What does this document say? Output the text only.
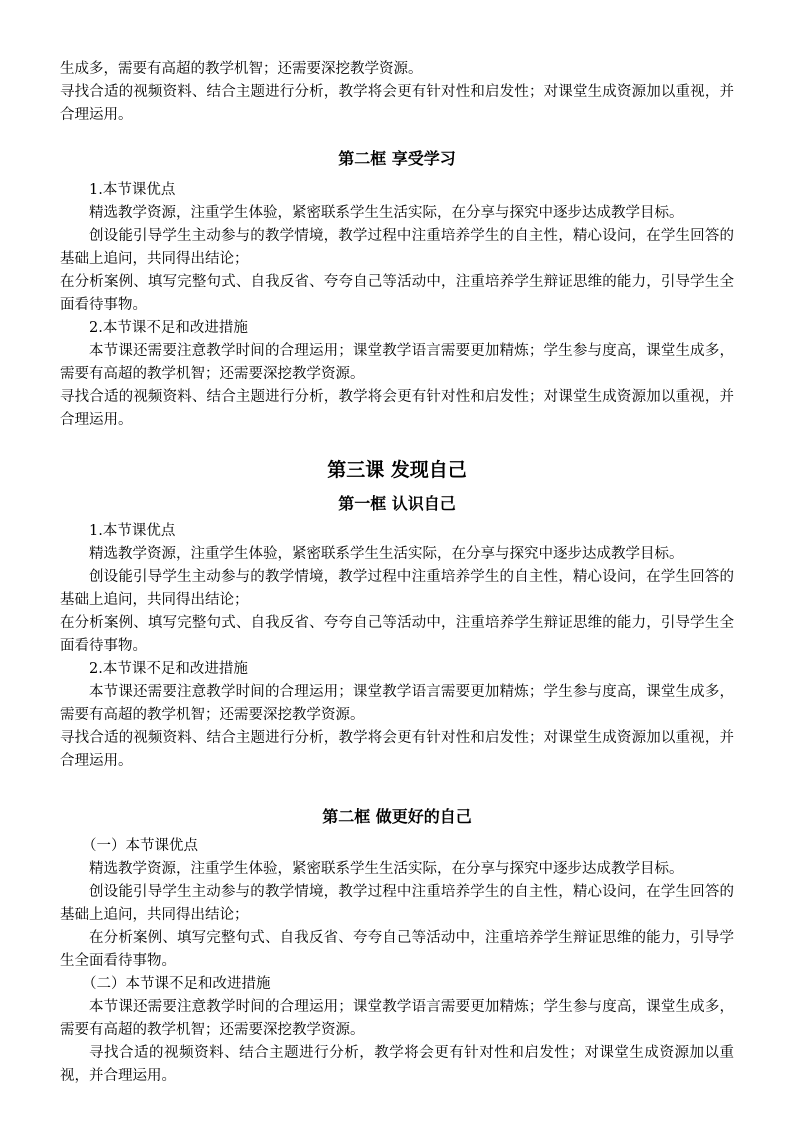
生成多，需要有高超的教学机智；还需要深挖教学资源。

寻找合适的视频资料、结合主题进行分析，教学将会更有针对性和启发性；对课堂生成资源加以重视，并合理运用。

第二框 享受学习

1.本节课优点

精选教学资源，注重学生体验，紧密联系学生生活实际，在分享与探究中逐步达成教学目标。

创设能引导学生主动参与的教学情境，教学过程中注重培养学生的自主性，精心设问，在学生回答的基础上追问，共同得出结论；

在分析案例、填写完整句式、自我反省、夸夸自己等活动中，注重培养学生辩证思维的能力，引导学生全面看待事物。

2.本节课不足和改进措施

本节课还需要注意教学时间的合理运用；课堂教学语言需要更加精炼；学生参与度高，课堂生成多，需要有高超的教学机智；还需要深挖教学资源。

寻找合适的视频资料、结合主题进行分析，教学将会更有针对性和启发性；对课堂生成资源加以重视，并合理运用。

第三课 发现自己
第一框 认识自己

1.本节课优点

精选教学资源，注重学生体验，紧密联系学生生活实际，在分享与探究中逐步达成教学目标。

创设能引导学生主动参与的教学情境，教学过程中注重培养学生的自主性，精心设问，在学生回答的基础上追问，共同得出结论；

在分析案例、填写完整句式、自我反省、夸夸自己等活动中，注重培养学生辩证思维的能力，引导学生全面看待事物。

2.本节课不足和改进措施

本节课还需要注意教学时间的合理运用；课堂教学语言需要更加精炼；学生参与度高，课堂生成多，需要有高超的教学机智；还需要深挖教学资源。

寻找合适的视频资料、结合主题进行分析，教学将会更有针对性和启发性；对课堂生成资源加以重视，并合理运用。

第二框 做更好的自己

（一）本节课优点

精选教学资源，注重学生体验，紧密联系学生生活实际，在分享与探究中逐步达成教学目标。

创设能引导学生主动参与的教学情境，教学过程中注重培养学生的自主性，精心设问，在学生回答的基础上追问，共同得出结论；

在分析案例、填写完整句式、自我反省、夸夸自己等活动中，注重培养学生辩证思维的能力，引导学生全面看待事物。

（二）本节课不足和改进措施

本节课还需要注意教学时间的合理运用；课堂教学语言需要更加精炼；学生参与度高，课堂生成多，需要有高超的教学机智；还需要深挖教学资源。

寻找合适的视频资料、结合主题进行分析，教学将会更有针对性和启发性；对课堂生成资源加以重视，并合理运用。
